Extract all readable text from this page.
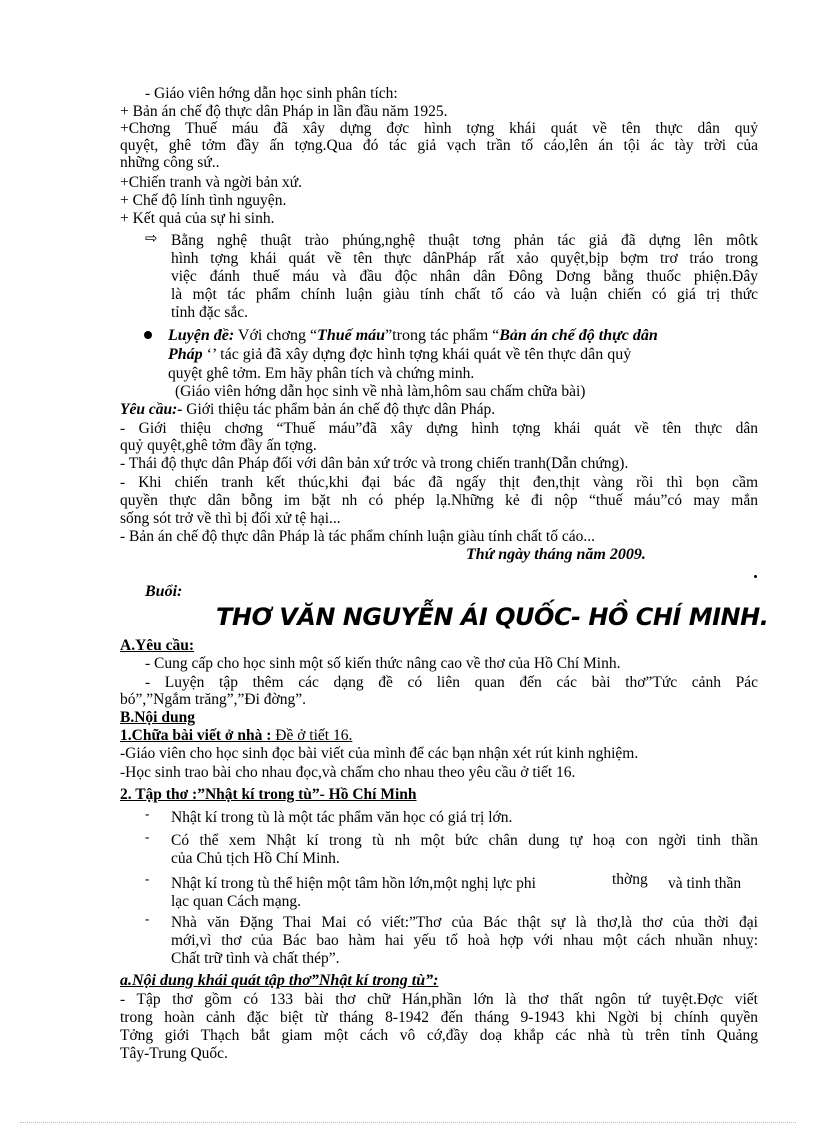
- Giáo viên hớng dẫn học sinh phân tích:
+ Bản án chế độ thực dân Pháp in lần đầu năm 1925.
+Chơng Thuế máu đã xây dựng đợc hình tợng khái quát về tên thực dân quỷ
quyệt, ghê tởm đầy ấn tợng.Qua đó tác giả vạch trần tố cáo,lên án tội ác tày trời của
những công sứ..
+Chiến tranh và ngời bản xứ.
+ Chế độ lính tình nguyện.
+ Kết quả của sự hi sinh.
⇨ Bằng nghệ thuật trào phúng,nghệ thuật tơng phản tác giả đã dựng lên môtk
hình tợng khái quát về tên thực dânPháp rất xảo quyệt,bịp bợm trơ tráo trong
việc đánh thuế máu và đầu độc nhân dân Đông Dơng bằng thuốc phiện.Đây
là một tác phẩm chính luận giàu tính chất tố cáo và luận chiến có giá trị thức
tỉnh đặc sắc.
Luyện đề: Với chơng “Thuế máu”trong tác phẩm “Bản án chế độ thực dân
Pháp ‘’ tác giả đã xây dựng đợc hình tợng khái quát về tên thực dân quỷ
quyệt ghê tởm. Em hãy phân tích và chứng minh.
(Giáo viên hớng dẫn học sinh về nhà làm,hôm sau chấm chữa bài)
Yêu cầu:- Giới thiệu tác phẩm bản án chế độ thực dân Pháp.
- Giới thiệu chơng “Thuế máu”đã xây dựng hình tợng khái quát về tên thực dân
quỷ quyệt,ghê tởm đầy ấn tợng.
- Thái độ thực dân Pháp đối với dân bản xứ trớc và trong chiến tranh(Dẫn chứng).
- Khi chiến tranh kết thúc,khi đại bác đã ngấy thịt đen,thịt vàng rồi thì bọn cầm
quyền thực dân bỗng im bặt nh có phép lạ.Những kẻ đi nộp “thuế máu”có may mắn
sống sót trở về thì bị đối xử tệ hại...
- Bản án chế độ thực dân Pháp là tác phẩm chính luận giàu tính chất tố cáo...
Thứ ngày tháng năm 2009.
Buổi:
THƠ VĂN NGUYỄN ÁI QUỐC- HỒ CHÍ MINH.
A.Yêu cầu:
- Cung cấp cho học sinh một số kiến thức nâng cao về thơ của Hồ Chí Minh.
- Luyện tập thêm các dạng đề có liên quan đến các bài thơ”Tức cảnh Pác
bó”,”Ngắm trăng”,”Đi đờng”.
B.Nội dung
1.Chữa bài viết ở nhà : Đề ở tiết 16.
-Giáo viên cho học sinh đọc bài viết của mình để các bạn nhận xét rút kinh nghiệm.
-Học sinh trao bài cho nhau đọc,và chấm cho nhau theo yêu cầu ở tiết 16.
2. Tập thơ :”Nhật kí trong tù”- Hồ Chí Minh
- Nhật kí trong tù là một tác phẩm văn học có giá trị lớn.
- Có thể xem Nhật kí trong tù nh một bức chân dung tự hoạ con ngời tinh thần
của Chủ tịch Hồ Chí Minh.
- Nhật kí trong tù thể hiện một tâm hồn lớn,một nghị lực phi	thờng và tinh thần
lạc quan Cách mạng.
- Nhà văn Đặng Thai Mai có viết:”Thơ của Bác thật sự là thơ,là thơ của thời đại
mới,vì thơ của Bác bao hàm hai yếu tố hoà hợp với nhau một cách nhuần nhuỵ:
Chất trữ tình và chất thép”.
a.Nội dung khái quát tập thơ”Nhật kí trong tù”:
- Tập thơ gồm có 133 bài thơ chữ Hán,phần lớn là thơ thất ngôn tứ tuyệt.Đợc viết
trong hoàn cảnh đặc biệt từ tháng 8-1942 đến tháng 9-1943 khi Ngời bị chính quyền
Tởng giới Thạch bắt giam một cách vô cớ,đầy doạ khắp các nhà tù trên tỉnh Quảng
Tây-Trung Quốc.
